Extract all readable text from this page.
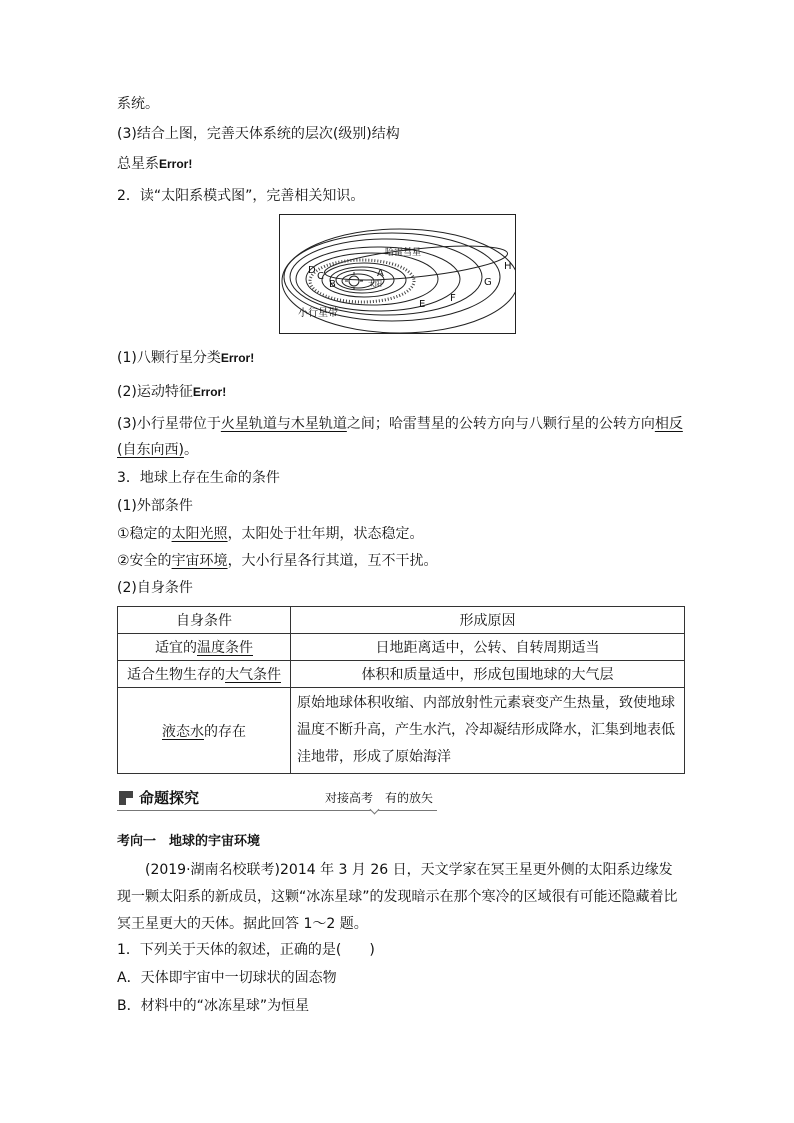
系统。
(3)结合上图，完善天体系统的层次(级别)结构
总星系Error!
2．读“太阳系模式图”，完善相关知识。
A
B
C
D
E
F
G
H
太阳
哈雷彗星
小行星带
(1)八颗行星分类Error!
(2)运动特征Error!
(3)小行星带位于火星轨道与木星轨道之间；哈雷彗星的公转方向与八颗行星的公转方向相反
(自东向西)。
3．地球上存在生命的条件
(1)外部条件
①稳定的太阳光照，太阳处于壮年期，状态稳定。
②安全的宇宙环境，大小行星各行其道，互不干扰。
(2)自身条件
自身条件	形成原因
适宜的温度条件	日地距离适中，公转、自转周期适当
适合生物生存的大气条件	体积和质量适中，形成包围地球的大气层
液态水的存在	原始地球体积收缩、内部放射性元素衰变产生热量，致使地球温度不断升高，产生水汽，冷却凝结形成降水，汇集到地表低洼地带，形成了原始海洋
命题探究	对接高考　有的放矢
考向一　地球的宇宙环境
(2019·湖南名校联考)2014 年 3 月 26 日，天文学家在冥王星更外侧的太阳系边缘发现一颗太阳系的新成员，这颗“冰冻星球”的发现暗示在那个寒冷的区域很有可能还隐藏着比冥王星更大的天体。据此回答 1～2 题。
1．下列关于天体的叙述，正确的是(　　)
A．天体即宇宙中一切球状的固态物
B．材料中的“冰冻星球”为恒星
